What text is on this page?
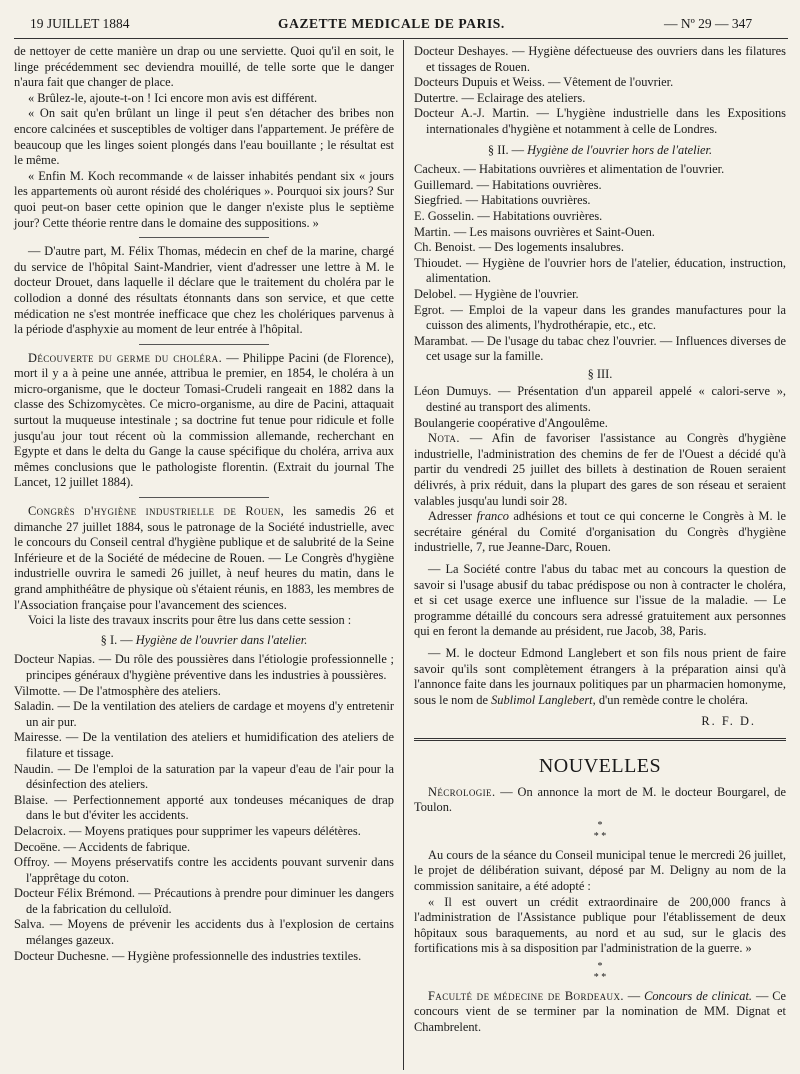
19 JUILLET 1884	GAZETTE MEDICALE DE PARIS.	— Nº 29 — 347

de nettoyer de cette manière un drap ou une serviette. Quoi qu'il en soit, le linge précédemment sec deviendra mouillé, de telle sorte que le danger n'aura fait que changer de place.

« Brûlez-le, ajoute-t-on ! Ici encore mon avis est différent.

« On sait qu'en brûlant un linge il peut s'en détacher des bribes non encore calcinées et susceptibles de voltiger dans l'appartement. Je préfère de beaucoup que les linges soient plongés dans l'eau bouillante ; le résultat est le même.

« Enfin M. Koch recommande « de laisser inhabités pendant six « jours les appartements où auront résidé des cholériques ». Pourquoi six jours? Sur quoi peut-on baser cette opinion que le danger n'existe plus le septième jour? Cette théorie rentre dans le domaine des suppositions. »

— D'autre part, M. Félix Thomas, médecin en chef de la marine, chargé du service de l'hôpital Saint-Mandrier, vient d'adresser une lettre à M. le docteur Drouet, dans laquelle il déclare que le traitement du choléra par le collodion a donné des résultats étonnants dans son service, et que cette médication ne s'est montrée inefficace que chez les cholériques parvenus à la période d'asphyxie au moment de leur entrée à l'hôpital.

Découverte du germe du choléra. — Philippe Pacini (de Florence), mort il y a à peine une année, attribua le premier, en 1854, le choléra à un micro-organisme, que le docteur Tomasi-Crudeli rangeait en 1882 dans la classe des Schizomycètes. Ce micro-organisme, au dire de Pacini, attaquait surtout la muqueuse intestinale ; sa doctrine fut tenue pour ridicule et folle jusqu'au jour tout récent où la commission allemande, recherchant en Egypte et dans le delta du Gange la cause spécifique du choléra, arriva aux mêmes conclusions que le pathologiste florentin. (Extrait du journal The Lancet, 12 juillet 1884).

Congrès d'hygiène industrielle de Rouen, les samedis 26 et dimanche 27 juillet 1884, sous le patronage de la Société industrielle, avec le concours du Conseil central d'hygiène publique et de salubrité de la Seine Inférieure et de la Société de médecine de Rouen. — Le Congrès d'hygiène industrielle ouvrira le samedi 26 juillet, à neuf heures du matin, dans le grand amphithéâtre de physique où s'étaient réunis, en 1883, les membres de l'Association française pour l'avancement des sciences.

Voici la liste des travaux inscrits pour être lus dans cette session :

§ I. — Hygiène de l'ouvrier dans l'atelier.

Docteur Napias. — Du rôle des poussières dans l'étiologie professionnelle ; principes généraux d'hygiène préventive dans les industries à poussières.

Vilmotte. — De l'atmosphère des ateliers.

Saladin. — De la ventilation des ateliers de cardage et moyens d'y entretenir un air pur.

Mairesse. — De la ventilation des ateliers et humidification des ateliers de filature et tissage.

Naudin. — De l'emploi de la saturation par la vapeur d'eau de l'air pour la désinfection des ateliers.

Blaise. — Perfectionnement apporté aux tondeuses mécaniques de drap dans le but d'éviter les accidents.

Delacroix. — Moyens pratiques pour supprimer les vapeurs délétères.

Decoëne. — Accidents de fabrique.

Offroy. — Moyens préservatifs contre les accidents pouvant survenir dans l'apprêtage du coton.

Docteur Félix Brémond. — Précautions à prendre pour diminuer les dangers de la fabrication du celluloïd.

Salva. — Moyens de prévenir les accidents dus à l'explosion de certains mélanges gazeux.

Docteur Duchesne. — Hygiène professionnelle des industries textiles.

Docteur Deshayes. — Hygiène défectueuse des ouvriers dans les filatures et tissages de Rouen.

Docteurs Dupuis et Weiss. — Vêtement de l'ouvrier.

Dutertre. — Eclairage des ateliers.

Docteur A.-J. Martin. — L'hygiène industrielle dans les Expositions internationales d'hygiène et notamment à celle de Londres.

§ II. — Hygiène de l'ouvrier hors de l'atelier.

Cacheux. — Habitations ouvrières et alimentation de l'ouvrier.

Guillemard. — Habitations ouvrières.

Siegfried. — Habitations ouvrières.

E. Gosselin. — Habitations ouvrières.

Martin. — Les maisons ouvrières et Saint-Ouen.

Ch. Benoist. — Des logements insalubres.

Thioudet. — Hygiène de l'ouvrier hors de l'atelier, éducation, instruction, alimentation.

Delobel. — Hygiène de l'ouvrier.

Egrot. — Emploi de la vapeur dans les grandes manufactures pour la cuisson des aliments, l'hydrothérapie, etc., etc.

Marambat. — De l'usage du tabac chez l'ouvrier. — Influences diverses de cet usage sur la famille.

§ III.

Léon Dumuys. — Présentation d'un appareil appelé « calori-serve », destiné au transport des aliments.

Boulangerie coopérative d'Angoulême.

Nota. — Afin de favoriser l'assistance au Congrès d'hygiène industrielle, l'administration des chemins de fer de l'Ouest a décidé qu'à partir du vendredi 25 juillet des billets à destination de Rouen seraient délivrés, à prix réduit, dans la plupart des gares de son réseau et seraient valables jusqu'au lundi soir 28.

Adresser franco adhésions et tout ce qui concerne le Congrès à M. le secrétaire général du Comité d'organisation du Congrès d'hygiène industrielle, 7, rue Jeanne-Darc, Rouen.

— La Société contre l'abus du tabac met au concours la question de savoir si l'usage abusif du tabac prédispose ou non à contracter le choléra, et si cet usage exerce une influence sur l'issue de la maladie. — Le programme détaillé du concours sera adressé gratuitement aux personnes qui en feront la demande au président, rue Jacob, 38, Paris.

— M. le docteur Edmond Langlebert et son fils nous prient de faire savoir qu'ils sont complètement étrangers à la préparation ainsi qu'à l'annonce faite dans les journaux politiques par un pharmacien homonyme, sous le nom de Sublimol Langlebert, d'un remède contre le choléra.

R. F. D.

NOUVELLES

Nécrologie. — On annonce la mort de M. le docteur Bourgarel, de Toulon.

*
* *

Au cours de la séance du Conseil municipal tenue le mercredi 26 juillet, le projet de délibération suivant, déposé par M. Deligny au nom de la commission sanitaire, a été adopté :

« Il est ouvert un crédit extraordinaire de 200,000 francs à l'administration de l'Assistance publique pour l'établissement de deux hôpitaux sous baraquements, au nord et au sud, sur le glacis des fortifications mis à sa disposition par l'administration de la guerre. »

*
* *

Faculté de médecine de Bordeaux. — Concours de clinicat. — Ce concours vient de se terminer par la nomination de MM. Dignat et Chambrelent.
